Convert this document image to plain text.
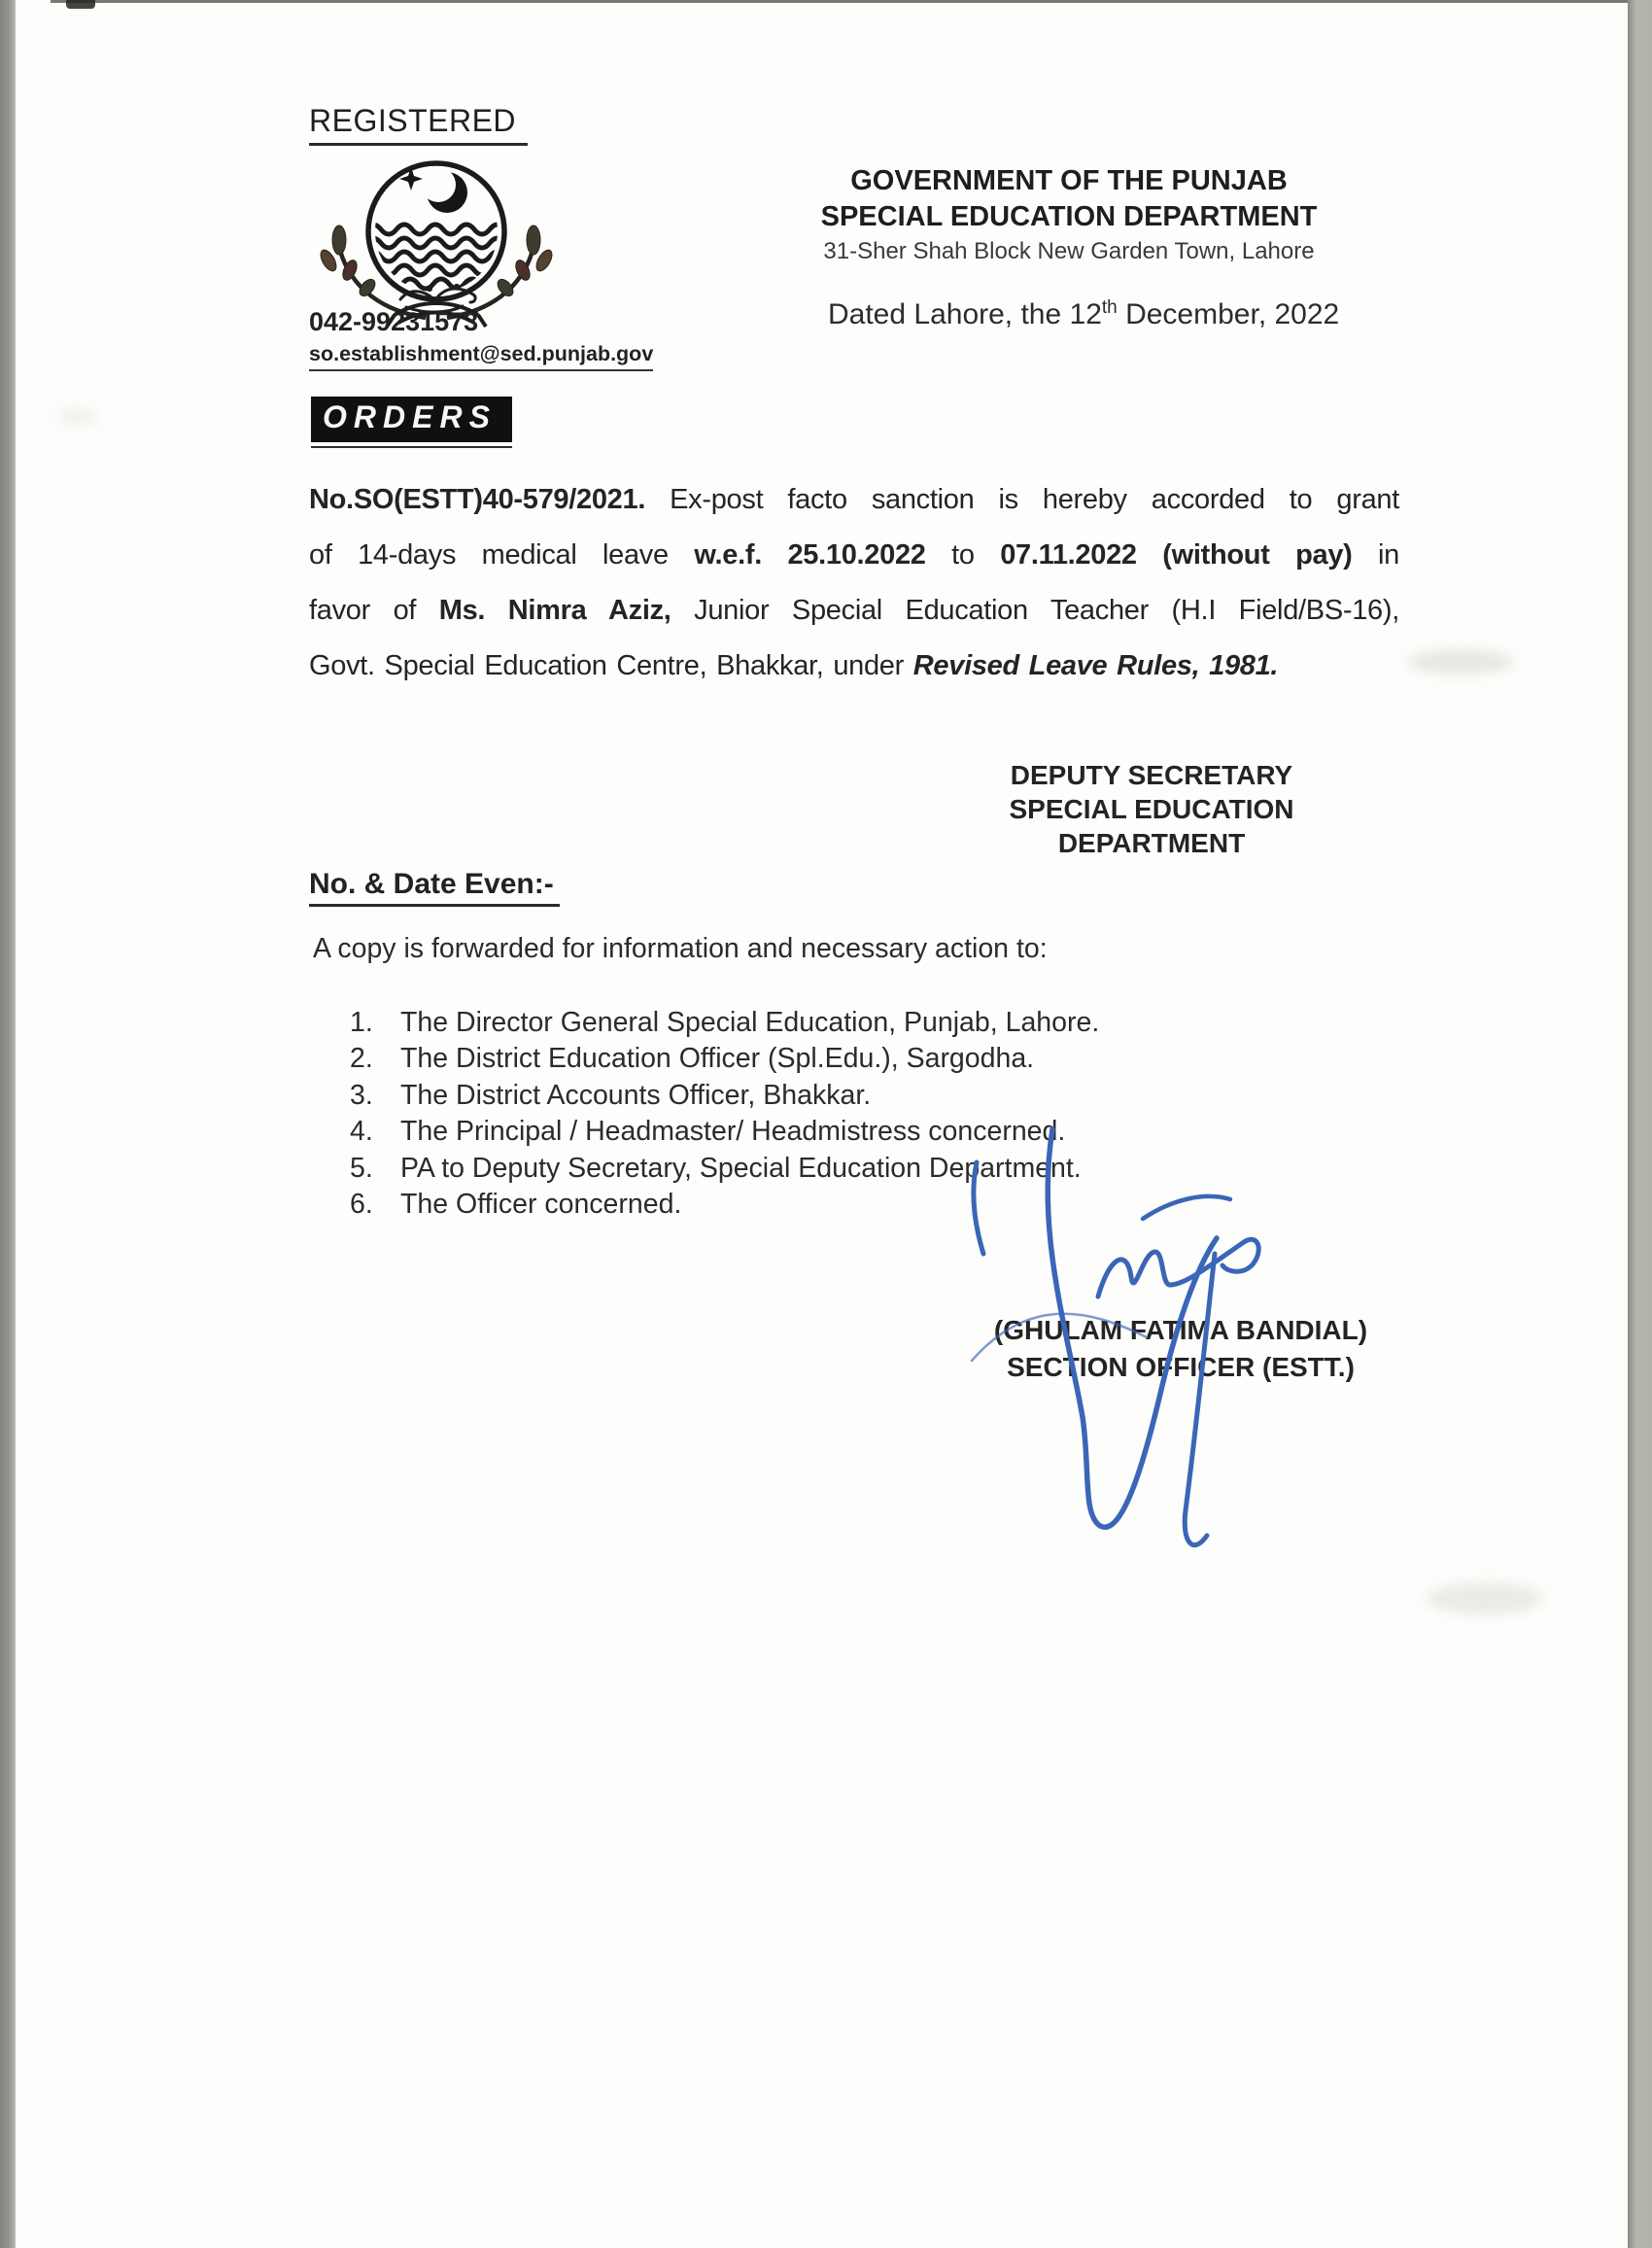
REGISTERED
042-99231573
so.establishment@sed.punjab.gov
GOVERNMENT OF THE PUNJAB
SPECIAL EDUCATION DEPARTMENT
31-Sher Shah Block New Garden Town, Lahore
Dated Lahore, the 12th December, 2022
ORDERS
No.SO(ESTT)40-579/2021. Ex-post facto sanction is hereby accorded to grant
of 14-days medical leave w.e.f. 25.10.2022 to 07.11.2022 (without pay) in
favor of Ms. Nimra Aziz, Junior Special Education Teacher (H.I Field/BS-16),
Govt. Special Education Centre, Bhakkar, under Revised Leave Rules, 1981.
DEPUTY SECRETARY
SPECIAL EDUCATION
DEPARTMENT
No. & Date Even:-
A copy is forwarded for information and necessary action to:
1. The Director General Special Education, Punjab, Lahore.
2. The District Education Officer (Spl.Edu.), Sargodha.
3. The District Accounts Officer, Bhakkar.
4. The Principal / Headmaster/ Headmistress concerned.
5. PA to Deputy Secretary, Special Education Department.
6. The Officer concerned.
(GHULAM FATIMA BANDIAL)
SECTION OFFICER (ESTT.)
